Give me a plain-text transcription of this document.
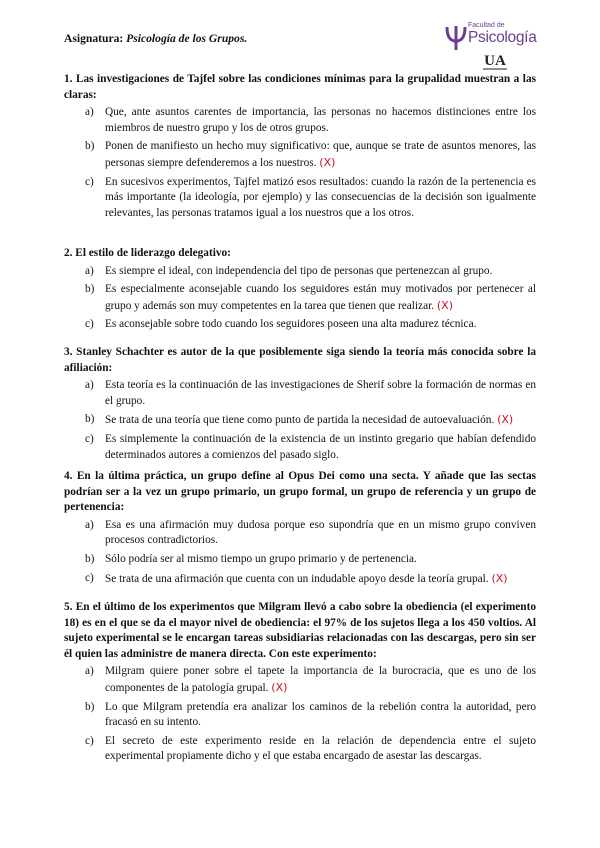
Asignatura: Psicología de los Grupos.
Facultad de
Psicología
UA

1. Las investigaciones de Tajfel sobre las condiciones mínimas para la grupalidad muestran a las claras:

a) Que, ante asuntos carentes de importancia, las personas no hacemos distinciones entre los miembros de nuestro grupo y los de otros grupos.
b) Ponen de manifiesto un hecho muy significativo: que, aunque se trate de asuntos menores, las personas siempre defenderemos a los nuestros. (X)
c) En sucesivos experimentos, Tajfel matizó esos resultados: cuando la razón de la pertenencia es más importante (la ideología, por ejemplo) y las consecuencias de la decisión son igualmente relevantes, las personas tratamos igual a los nuestros que a los otros.

2. El estilo de liderazgo delegativo:

a) Es siempre el ideal, con independencia del tipo de personas que pertenezcan al grupo.
b) Es especialmente aconsejable cuando los seguidores están muy motivados por pertenecer al grupo y además son muy competentes en la tarea que tienen que realizar. (X)
c) Es aconsejable sobre todo cuando los seguidores poseen una alta madurez técnica.

3. Stanley Schachter es autor de la que posiblemente siga siendo la teoría más conocida sobre la afiliación:

a) Esta teoría es la continuación de las investigaciones de Sherif sobre la formación de normas en el grupo.
b) Se trata de una teoría que tiene como punto de partida la necesidad de autoevaluación. (X)
c) Es simplemente la continuación de la existencia de un instinto gregario que habían defendido determinados autores a comienzos del pasado siglo.

4. En la última práctica, un grupo define al Opus Dei como una secta. Y añade que las sectas podrían ser a la vez un grupo primario, un grupo formal, un grupo de referencia y un grupo de pertenencia:

a) Esa es una afirmación muy dudosa porque eso supondría que en un mismo grupo conviven procesos contradictorios.
b) Sólo podría ser al mismo tiempo un grupo primario y de pertenencia.
c) Se trata de una afirmación que cuenta con un indudable apoyo desde la teoría grupal. (X)

5. En el último de los experimentos que Milgram llevó a cabo sobre la obediencia (el experimento 18) es en el que se da el mayor nivel de obediencia: el 97% de los sujetos llega a los 450 voltios. Al sujeto experimental se le encargan tareas subsidiarias relacionadas con las descargas, pero sin ser él quien las administre de manera directa. Con este experimento:

a) Milgram quiere poner sobre el tapete la importancia de la burocracia, que es uno de los componentes de la patología grupal. (X)
b) Lo que Milgram pretendía era analizar los caminos de la rebelión contra la autoridad, pero fracasó en su intento.
c) El secreto de este experimento reside en la relación de dependencia entre el sujeto experimental propiamente dicho y el que estaba encargado de asestar las descargas.
